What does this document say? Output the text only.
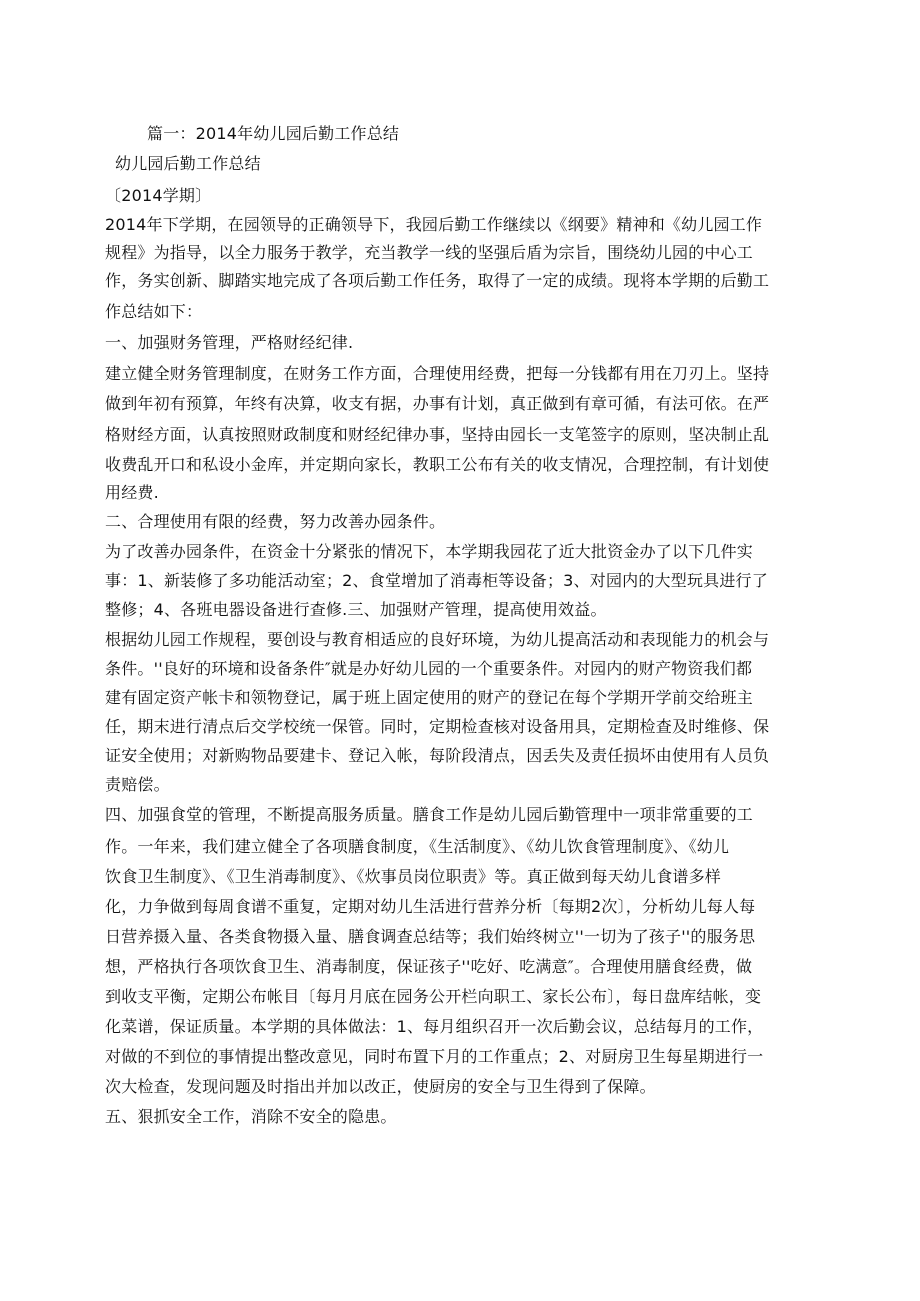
篇一：2014年幼儿园后勤工作总结
幼儿园后勤工作总结
〔2014学期〕
2014年下学期，在园领导的正确领导下，我园后勤工作继续以《纲要》精神和《幼儿园工作
规程》为指导，以全力服务于教学，充当教学一线的坚强后盾为宗旨，围绕幼儿园的中心工
作，务实创新、脚踏实地完成了各项后勤工作任务，取得了一定的成绩。现将本学期的后勤工
作总结如下：
一、加强财务管理，严格财经纪律.
建立健全财务管理制度，在财务工作方面，合理使用经费，把每一分钱都有用在刀刃上。坚持
做到年初有预算，年终有决算，收支有据，办事有计划，真正做到有章可循，有法可依。在严
格财经方面，认真按照财政制度和财经纪律办事，坚持由园长一支笔签字的原则，坚决制止乱
收费乱开口和私设小金库，并定期向家长，教职工公布有关的收支情况，合理控制，有计划使
用经费.
二、合理使用有限的经费，努力改善办园条件。
为了改善办园条件，在资金十分紧张的情况下，本学期我园花了近大批资金办了以下几件实
事：1、新装修了多功能活动室；2、食堂增加了消毒柜等设备；3、对园内的大型玩具进行了
整修；4、各班电器设备进行查修.三、加强财产管理，提高使用效益。
根据幼儿园工作规程，要创设与教育相适应的良好环境，为幼儿提高活动和表现能力的机会与
条件。''良好的环境和设备条件″就是办好幼儿园的一个重要条件。对园内的财产物资我们都
建有固定资产帐卡和领物登记，属于班上固定使用的财产的登记在每个学期开学前交给班主
任，期末进行清点后交学校统一保管。同时，定期检查核对设备用具，定期检查及时维修、保
证安全使用；对新购物品要建卡、登记入帐，每阶段清点，因丢失及责任损坏由使用有人员负
责赔偿。
四、加强食堂的管理，不断提高服务质量。膳食工作是幼儿园后勤管理中一项非常重要的工
作。一年来，我们建立健全了各项膳食制度，《生活制度》、《幼儿饮食管理制度》、《幼儿
饮食卫生制度》、《卫生消毒制度》、《炊事员岗位职责》等。真正做到每天幼儿食谱多样
化，力争做到每周食谱不重复，定期对幼儿生活进行营养分析〔每期2次〕，分析幼儿每人每
日营养摄入量、各类食物摄入量、膳食调查总结等；我们始终树立''一切为了孩子''的服务思
想，严格执行各项饮食卫生、消毒制度，保证孩子''吃好、吃满意″。合理使用膳食经费，做
到收支平衡，定期公布帐目〔每月月底在园务公开栏向职工、家长公布〕，每日盘库结帐，变
化菜谱，保证质量。本学期的具体做法：1、每月组织召开一次后勤会议，总结每月的工作，
对做的不到位的事情提出整改意见，同时布置下月的工作重点；2、对厨房卫生每星期进行一
次大检查，发现问题及时指出并加以改正，使厨房的安全与卫生得到了保障。
五、狠抓安全工作，消除不安全的隐患。
